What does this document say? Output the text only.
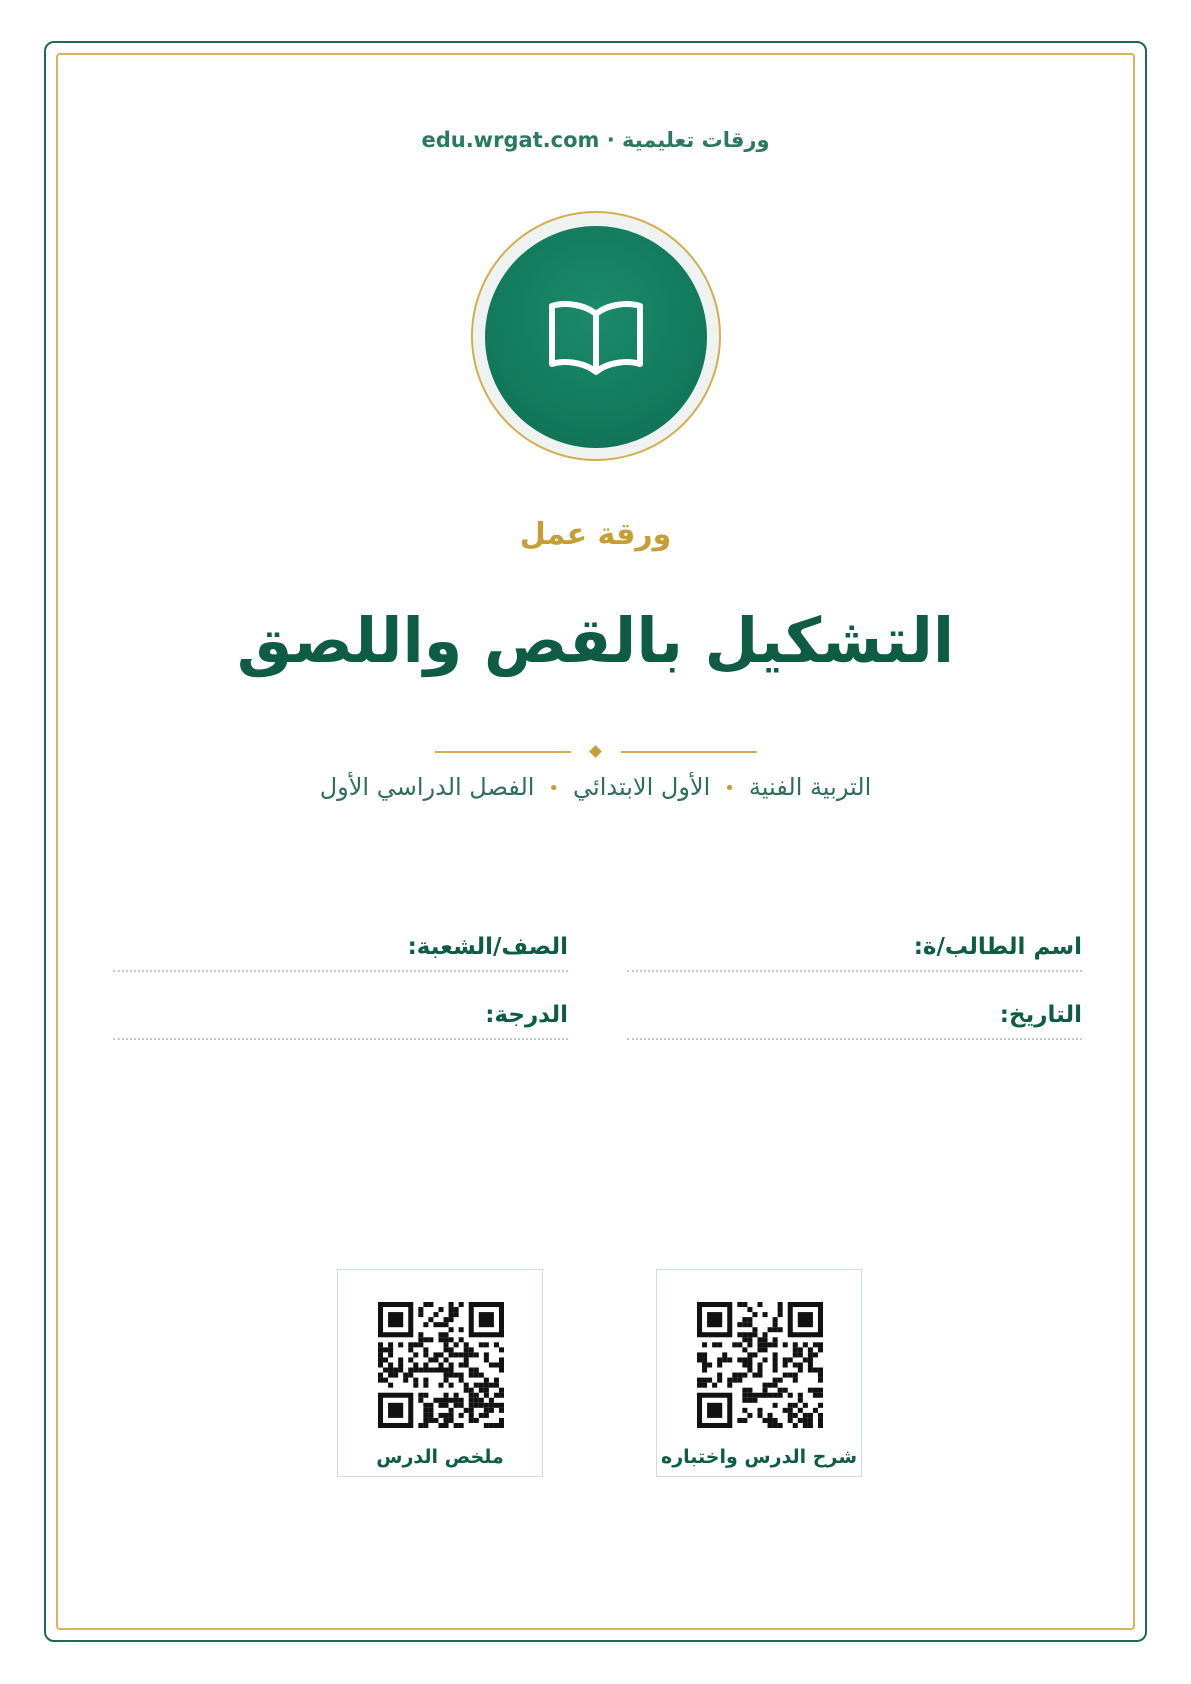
ورقات تعليمية · edu.wrgat.com
ورقة عمل
التشكيل بالقص واللصق
التربية الفنية•الأول الابتدائي•الفصل الدراسي الأول
اسم الطالب/ة:
الصف/الشعبة:
التاريخ:
الدرجة:
شرح الدرس واختباره
ملخص الدرس
